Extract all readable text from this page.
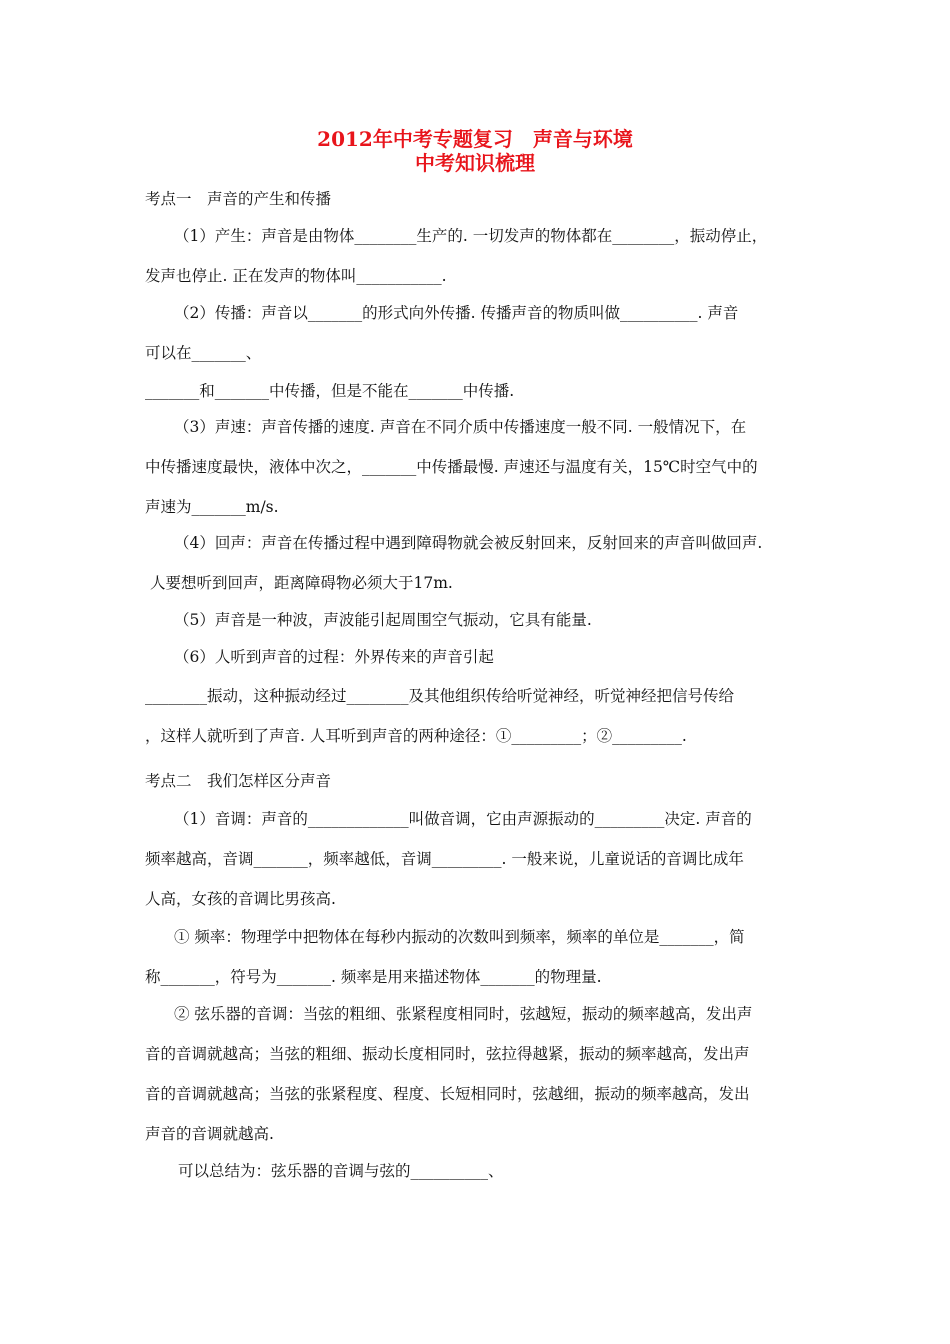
2012年中考专题复习　声音与环境
中考知识梳理
考点一　声音的产生和传播
（1）产生：声音是由物体________生产的. 一切发声的物体都在________，振动停止，
发声也停止. 正在发声的物体叫___________.
（2）传播：声音以_______的形式向外传播. 传播声音的物质叫做__________. 声音
可以在_______、
_______和_______中传播，但是不能在_______中传播.
（3）声速：声音传播的速度. 声音在不同介质中传播速度一般不同. 一般情况下，在
中传播速度最快，液体中次之，_______中传播最慢. 声速还与温度有关，15℃时空气中的
声速为_______m/s.
（4）回声：声音在传播过程中遇到障碍物就会被反射回来，反射回来的声音叫做回声.
人要想听到回声，距离障碍物必须大于17m.
（5）声音是一种波，声波能引起周围空气振动，它具有能量.
（6）人听到声音的过程：外界传来的声音引起
________振动，这种振动经过________及其他组织传给听觉神经，听觉神经把信号传给
，这样人就听到了声音. 人耳听到声音的两种途径：①_________；②_________.
考点二　我们怎样区分声音
（1）音调：声音的_____________叫做音调，它由声源振动的_________决定. 声音的
频率越高，音调_______，频率越低，音调_________. 一般来说，儿童说话的音调比成年
人高，女孩的音调比男孩高.
① 频率：物理学中把物体在每秒内振动的次数叫到频率，频率的单位是_______，简
称_______，符号为_______. 频率是用来描述物体_______的物理量.
② 弦乐器的音调：当弦的粗细、张紧程度相同时，弦越短，振动的频率越高，发出声
音的音调就越高；当弦的粗细、振动长度相同时，弦拉得越紧，振动的频率越高，发出声
音的音调就越高；当弦的张紧程度、程度、长短相同时，弦越细，振动的频率越高，发出
声音的音调就越高.
可以总结为：弦乐器的音调与弦的__________、
